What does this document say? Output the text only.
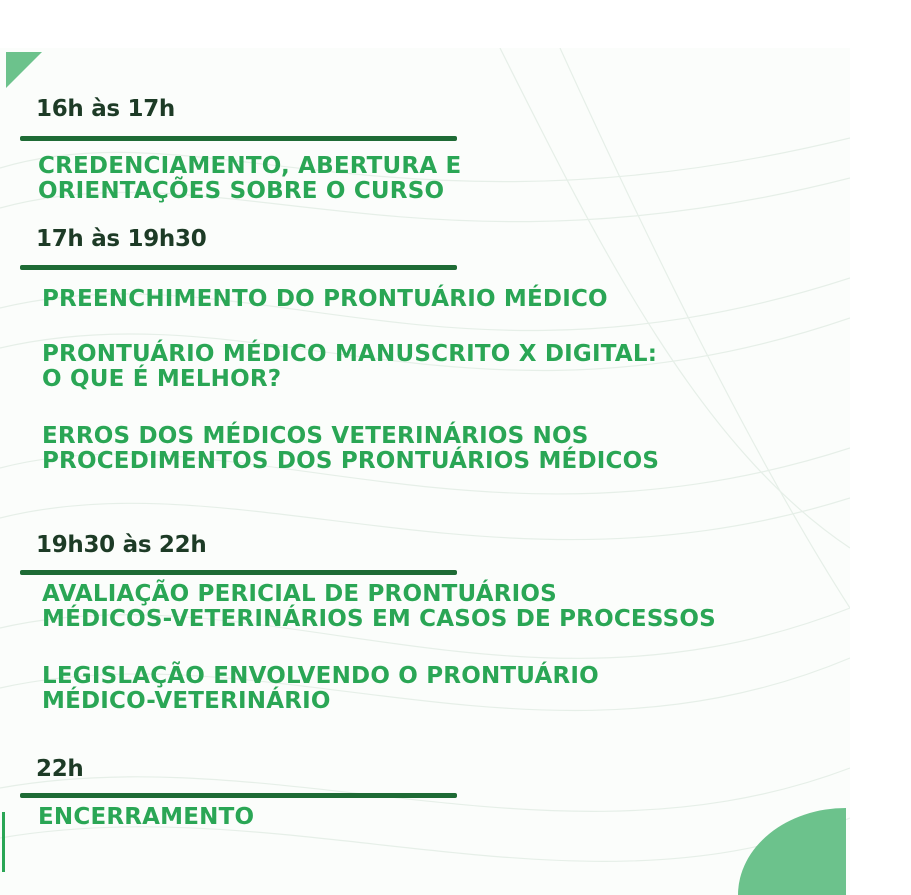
16h às 17h
CREDENCIAMENTO, ABERTURA E
ORIENTAÇÕES SOBRE O CURSO
17h às 19h30
PREENCHIMENTO DO PRONTUÁRIO MÉDICO
PRONTUÁRIO MÉDICO MANUSCRITO X DIGITAL:
O QUE É MELHOR?
ERROS DOS MÉDICOS VETERINÁRIOS NOS
PROCEDIMENTOS DOS PRONTUÁRIOS MÉDICOS
19h30 às 22h
AVALIAÇÃO PERICIAL DE PRONTUÁRIOS
MÉDICOS-VETERINÁRIOS EM CASOS DE PROCESSOS
LEGISLAÇÃO ENVOLVENDO O PRONTUÁRIO
MÉDICO-VETERINÁRIO
22h
ENCERRAMENTO
